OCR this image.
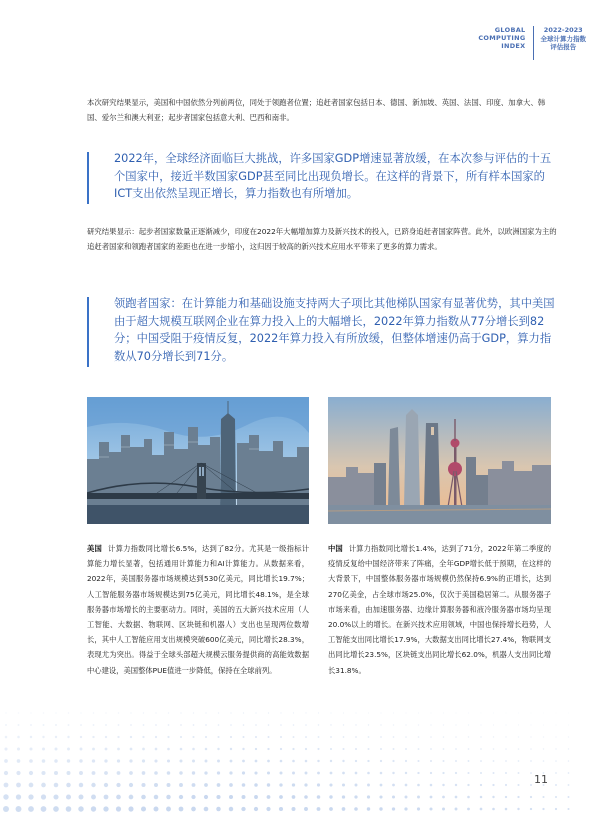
GLOBAL
COMPUTING
INDEX
2022-2023
全球计算力指数
评估报告

本次研究结果显示，美国和中国依然分列前两位，同处于领跑者位置；追赶者国家包括日本、德国、新加坡、英国、法国、印度、加拿大、韩国、爱尔兰和澳大利亚；起步者国家包括意大利、巴西和南非。

2022年，全球经济面临巨大挑战，许多国家GDP增速显著放缓，在本次参与评估的十五个国家中，接近半数国家GDP甚至同比出现负增长。在这样的背景下，所有样本国家的ICT支出依然呈现正增长，算力指数也有所增加。

研究结果显示：起步者国家数量正逐渐减少，印度在2022年大幅增加算力及新兴技术的投入，已跻身追赶者国家阵营。此外，以欧洲国家为主的追赶者国家和领跑者国家的差距也在进一步缩小，这归因于较高的新兴技术应用水平带来了更多的算力需求。

领跑者国家：在计算能力和基础设施支持两大子项比其他梯队国家有显著优势，其中美国由于超大规模互联网企业在算力投入上的大幅增长，2022年算力指数从77分增长到82分；中国受阻于疫情反复，2022年算力投入有所放缓，但整体增速仍高于GDP，算力指数从70分增长到71分。

美国 计算力指数同比增长6.5%，达到了82分。尤其是一级指标计算能力增长显著，包括通用计算能力和AI计算能力。从数据来看，2022年，美国服务器市场规模达到530亿美元，同比增长19.7%；人工智能服务器市场规模达到75亿美元，同比增长48.1%，是全球服务器市场增长的主要驱动力。同时，美国的五大新兴技术应用（人工智能、大数据、物联网、区块链和机器人）支出也呈现两位数增长，其中人工智能应用支出规模突破600亿美元，同比增长28.3%，表现尤为突出。得益于全球头部超大规模云服务提供商的高能效数据中心建设，美国整体PUE值进一步降低，保持在全球前列。

中国 计算力指数同比增长1.4%，达到了71分，2022年第二季度的疫情反复给中国经济带来了阵痛，全年GDP增长低于预期，在这样的大背景下，中国整体服务器市场规模仍然保持6.9%的正增长，达到270亿美金，占全球市场25.0%，仅次于美国稳居第二。从服务器子市场来看，由加速服务器、边缘计算服务器和液冷服务器市场均呈现20.0%以上的增长。在新兴技术应用领域，中国也保持增长趋势，人工智能支出同比增长17.9%，大数据支出同比增长27.4%，物联网支出同比增长23.5%，区块链支出同比增长62.0%，机器人支出同比增长31.8%。

11
